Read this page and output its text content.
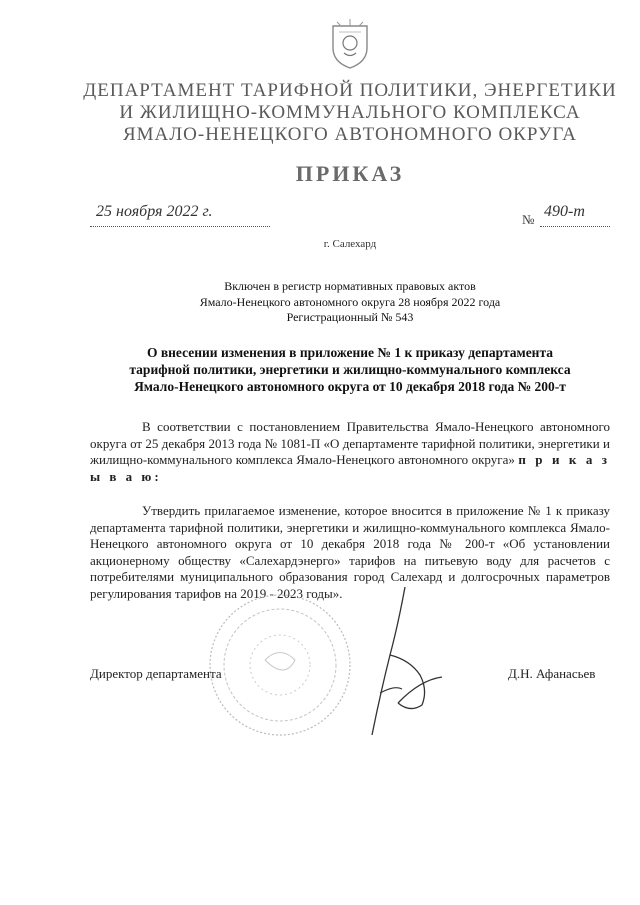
ДЕПАРТАМЕНТ ТАРИФНОЙ ПОЛИТИКИ, ЭНЕРГЕТИКИ
И ЖИЛИЩНО-КОММУНАЛЬНОГО КОМПЛЕКСА
ЯМАЛО-НЕНЕЦКОГО АВТОНОМНОГО ОКРУГА
ПРИКАЗ
25 ноября 2022 г.	№ 490-т
г. Салехард
Включен в регистр нормативных правовых актов
Ямало-Ненецкого автономного округа 28 ноября 2022 года
Регистрационный № 543
О внесении изменения в приложение № 1 к приказу департамента
тарифной политики, энергетики и жилищно-коммунального комплекса
Ямало-Ненецкого автономного округа от 10 декабря 2018 года № 200-т
В соответствии с постановлением Правительства Ямало-Ненецкого автономного округа от 25 декабря 2013 года № 1081-П «О департаменте тарифной политики, энергетики и жилищно-коммунального комплекса Ямало-Ненецкого автономного округа» п р и к а з ы в а ю:
Утвердить прилагаемое изменение, которое вносится в приложение № 1 к приказу департамента тарифной политики, энергетики и жилищно-коммунального комплекса Ямало-Ненецкого автономного округа от 10 декабря 2018 года № 200-т «Об установлении акционерному обществу «Салехардэнерго» тарифов на питьевую воду для расчетов с потребителями муниципального образования город Салехард и долгосрочных параметров регулирования тарифов на 2019 - 2023 годы».
Директор департамента	Д.Н. Афанасьев
